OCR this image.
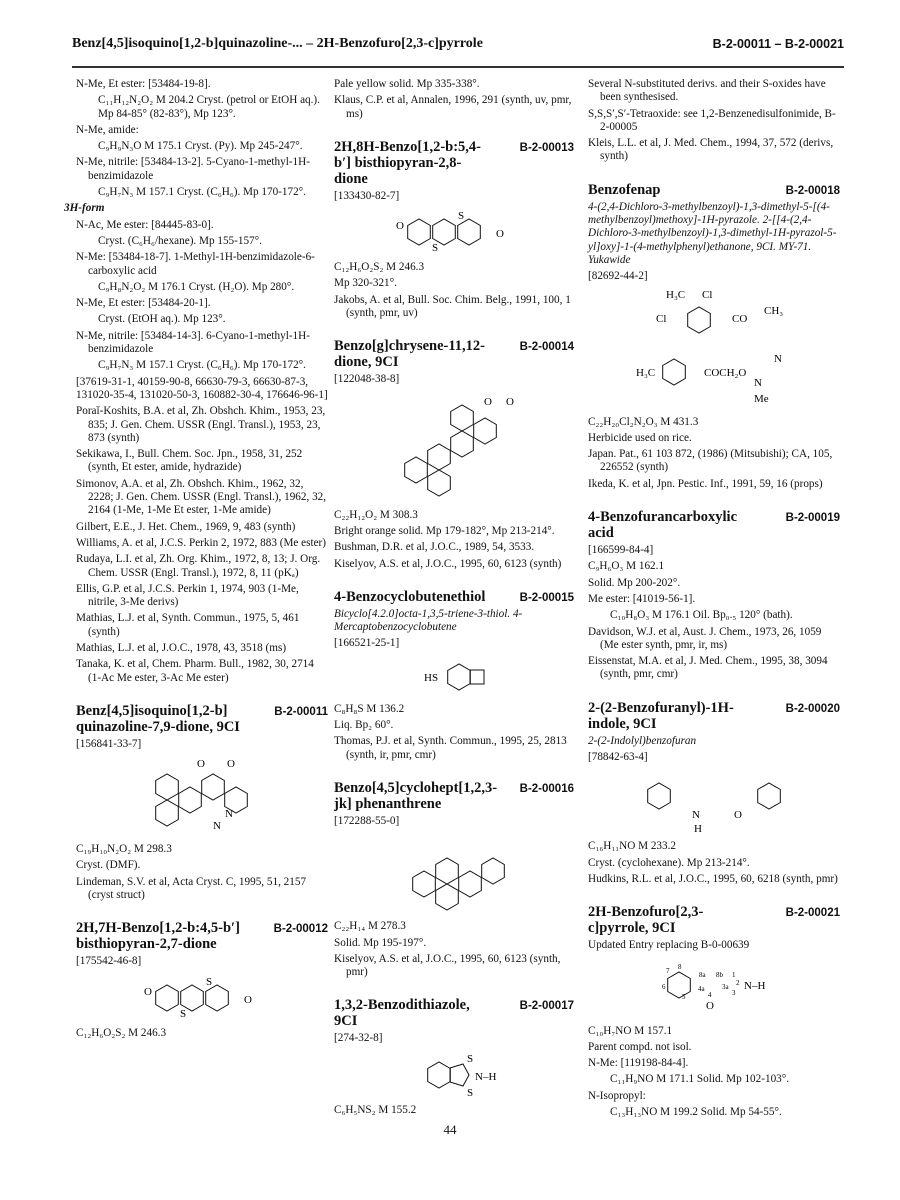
Benz[4,5]isoquino[1,2-b]quinazoline-... – 2H-Benzofuro[2,3-c]pyrrole	B-2-00011 – B-2-00021
N-Me, Et ester: [53484-19-8].
C₁₁H₁₂N₂O₂ M 204.2 Cryst. (petrol or EtOH aq.). Mp 84-85° (82-83°), Mp 123°.
N-Me, amide:
C₉H₉N₃O M 175.1 Cryst. (Py). Mp 245-247°.
N-Me, nitrile: [53484-13-2]. 5-Cyano-1-methyl-1H-benzimidazole
C₉H₇N₃ M 157.1 Cryst. (C₆H₆). Mp 170-172°.
3H-form
N-Ac, Me ester: [84445-83-0].
Cryst. (C₆H₆/hexane). Mp 155-157°.
N-Me: [53484-18-7]. 1-Methyl-1H-benzimidazole-6-carboxylic acid
C₉H₈N₂O₂ M 176.1 Cryst. (H₂O). Mp 280°.
N-Me, Et ester: [53484-20-1].
Cryst. (EtOH aq.). Mp 123°.
N-Me, nitrile: [53484-14-3]. 6-Cyano-1-methyl-1H-benzimidazole
C₉H₇N₃ M 157.1 Cryst. (C₆H₆). Mp 170-172°.
[37619-31-1, 40159-90-8, 66630-79-3, 66630-87-3, 131020-35-4, 131020-50-3, 160882-30-4, 176646-96-1]
Poraĭ-Koshits, B.A. et al, Zh. Obshch. Khim., 1953, 23, 835; J. Gen. Chem. USSR (Engl. Transl.), 1953, 23, 873 (synth)
Sekikawa, I., Bull. Chem. Soc. Jpn., 1958, 31, 252 (synth, Et ester, amide, hydrazide)
Simonov, A.A. et al, Zh. Obshch. Khim., 1962, 32, 2228; J. Gen. Chem. USSR (Engl. Transl.), 1962, 32, 2164 (1-Me, 1-Me Et ester, 1-Me amide)
Gilbert, E.E., J. Het. Chem., 1969, 9, 483 (synth)
Williams, A. et al, J.C.S. Perkin 2, 1972, 883 (Me ester)
Rudaya, L.I. et al, Zh. Org. Khim., 1972, 8, 13; J. Org. Chem. USSR (Engl. Transl.), 1972, 8, 11 (pKₐ)
Ellis, G.P. et al, J.C.S. Perkin 1, 1974, 903 (1-Me, nitrile, 3-Me derivs)
Mathias, L.J. et al, Synth. Commun., 1975, 5, 461 (synth)
Mathias, L.J. et al, J.O.C., 1978, 43, 3518 (ms)
Tanaka, K. et al, Chem. Pharm. Bull., 1982, 30, 2714 (1-Ac Me ester, 3-Ac Me ester)
Benz[4,5]isoquino[1,2-b] quinazoline-7,9-dione, 9CI
B-2-00011
[156841-33-7]
O O
N
N
C₁₉H₁₀N₂O₂ M 298.3
Cryst. (DMF).
Lindeman, S.V. et al, Acta Cryst. C, 1995, 51, 2157 (cryst struct)
2H,7H-Benzo[1,2-b:4,5-b′] bisthiopyran-2,7-dione
B-2-00012
[175542-46-8]
O
S
S
O
C₁₂H₆O₂S₂ M 246.3
Pale yellow solid. Mp 335-338°.
Klaus, C.P. et al, Annalen, 1996, 291 (synth, uv, pmr, ms)
2H,8H-Benzo[1,2-b:5,4-b′] bisthiopyran-2,8-dione
B-2-00013
[133430-82-7]
O
S
S
O
C₁₂H₆O₂S₂ M 246.3
Mp 320-321°.
Jakobs, A. et al, Bull. Soc. Chim. Belg., 1991, 100, 1 (synth, pmr, uv)
Benzo[g]chrysene-11,12-dione, 9CI
B-2-00014
[122048-38-8]
O O
C₂₂H₁₂O₂ M 308.3
Bright orange solid. Mp 179-182°, Mp 213-214°.
Bushman, D.R. et al, J.O.C., 1989, 54, 3533.
Kiselyov, A.S. et al, J.O.C., 1995, 60, 6123 (synth)
4-Benzocyclobutenethiol	B-2-00015
Bicyclo[4.2.0]octa-1,3,5-triene-3-thiol. 4-Mercaptobenzocyclobutene
[166521-25-1]
HS
C₈H₈S M 136.2
Liq. Bp₂ 60°.
Thomas, P.J. et al, Synth. Commun., 1995, 25, 2813 (synth, ir, pmr, cmr)
Benzo[4,5]cyclohept[1,2,3-jk] phenanthrene
B-2-00016
[172288-55-0]
C₂₂H₁₄ M 278.3
Solid. Mp 195-197°.
Kiselyov, A.S. et al, J.O.C., 1995, 60, 6123 (synth, pmr)
1,3,2-Benzodithiazole, 9CI
B-2-00017
[274-32-8]
S
N–H
S
C₆H₅NS₂ M 155.2
Several N-substituted derivs. and their S-oxides have been synthesised.
S,S,S′,S′-Tetraoxide: see 1,2-Benzenedisulfonimide, B-2-00005
Kleis, L.L. et al, J. Med. Chem., 1994, 37, 572 (derivs, synth)
Benzofenap	B-2-00018
4-(2,4-Dichloro-3-methylbenzoyl)-1,3-dimethyl-5-[(4-methylbenzoyl)methoxy]-1H-pyrazole. 2-[[4-(2,4-Dichloro-3-methylbenzoyl)-1,3-dimethyl-1H-pyrazol-5-yl]oxy]-1-(4-methylphenyl)ethanone, 9CI. MY-71. Yukawide
[82692-44-2]
H₃C Cl
Cl	CO
CH₃
H₃C	COCH₂O
N
N
Me
C₂₂H₂₀Cl₂N₂O₃ M 431.3
Herbicide used on rice.
Japan. Pat., 61 103 872, (1986) (Mitsubishi); CA, 105, 226552 (synth)
Ikeda, K. et al, Jpn. Pestic. Inf., 1991, 59, 16 (props)
4-Benzofurancarboxylic acid
B-2-00019
[166599-84-4]
C₉H₆O₃ M 162.1
Solid. Mp 200-202°.
Me ester: [41019-56-1].
C₁₀H₈O₃ M 176.1 Oil. Bp₀.₅ 120° (bath).
Davidson, W.J. et al, Aust. J. Chem., 1973, 26, 1059 (Me ester synth, pmr, ir, ms)
Eissenstat, M.A. et al, J. Med. Chem., 1995, 38, 3094 (synth, pmr, cmr)
2-(2-Benzofuranyl)-1H-indole, 9CI
B-2-00020
2-(2-Indolyl)benzofuran
[78842-63-4]
N
H
O
C₁₆H₁₁NO M 233.2
Cryst. (cyclohexane). Mp 213-214°.
Hudkins, R.L. et al, J.O.C., 1995, 60, 6218 (synth, pmr)
2H-Benzofuro[2,3-c]pyrrole, 9CI
B-2-00021
Updated Entry replacing B-0-00639
N–H
O
7 8
6
5
8a 8b
4a
4
3a
1
2
3
C₁₀H₇NO M 157.1
Parent compd. not isol.
N-Me: [119198-84-4].
C₁₁H₉NO M 171.1 Solid. Mp 102-103°.
N-Isopropyl:
C₁₃H₁₃NO M 199.2 Solid. Mp 54-55°.
44
